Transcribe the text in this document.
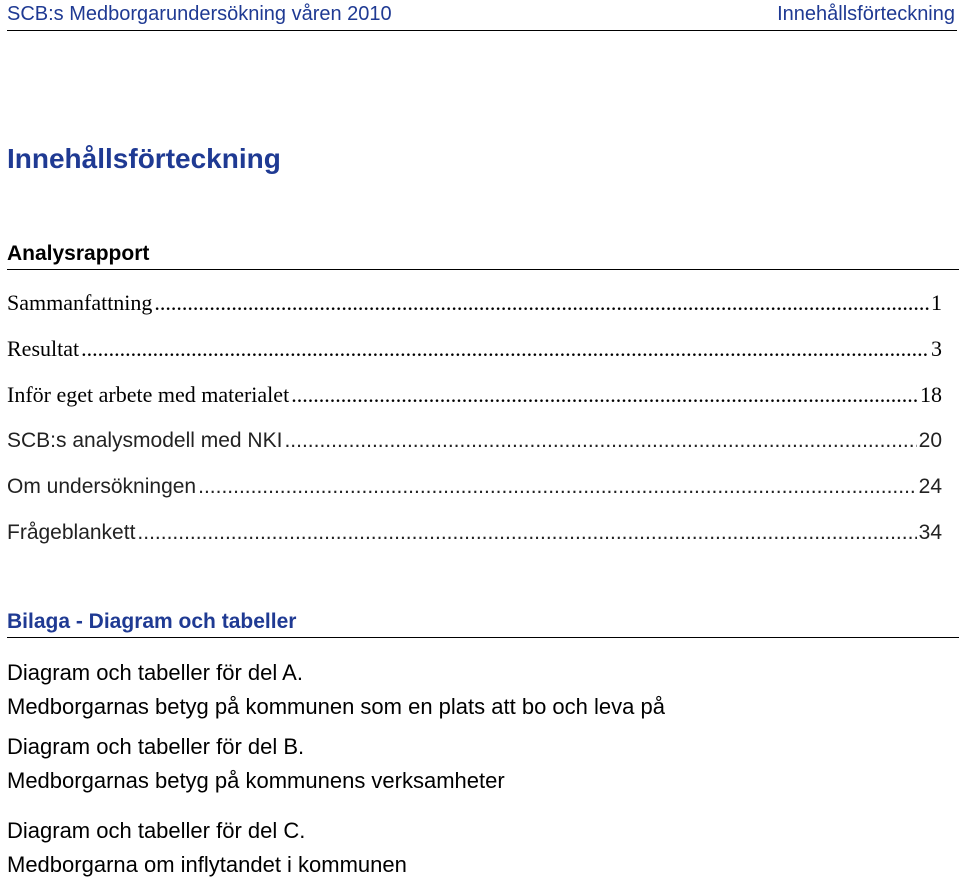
SCB:s Medborgarundersökning våren 2010	Innehållsförteckning
Innehållsförteckning
Analysrapport
Sammanfattning .....	1
Resultat .....	3
Inför eget arbete med materialet .....	18
SCB:s analysmodell med NKI .....	20
Om undersökningen .....	24
Frågeblankett .....	34
Bilaga - Diagram och tabeller
Diagram och tabeller för del A.
Medborgarnas betyg på kommunen som en plats att bo och leva på
Diagram och tabeller för del B.
Medborgarnas betyg på kommunens verksamheter
Diagram och tabeller för del C.
Medborgarna om inflytandet i kommunen
